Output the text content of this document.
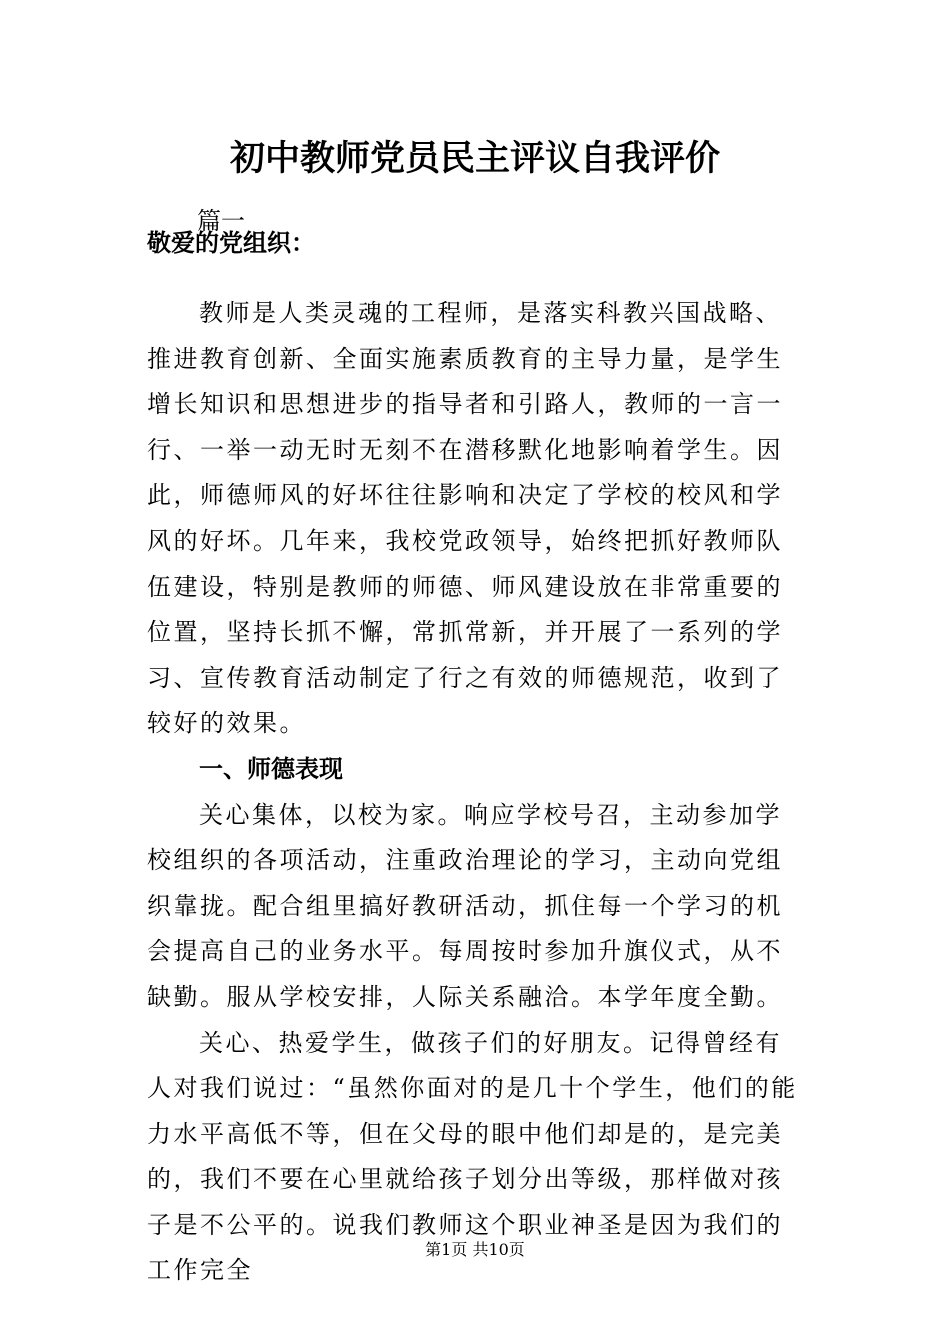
初中教师党员民主评议自我评价
篇一
敬爱的党组织：

教师是人类灵魂的工程师，是落实科教兴国战略、推进教育创新、全面实施素质教育的主导力量，是学生增长知识和思想进步的指导者和引路人，教师的一言一行、一举一动无时无刻不在潜移默化地影响着学生。因此，师德师风的好坏往往影响和决定了学校的校风和学风的好坏。几年来，我校党政领导，始终把抓好教师队伍建设，特别是教师的师德、师风建设放在非常重要的位置，坚持长抓不懈，常抓常新，并开展了一系列的学习、宣传教育活动制定了行之有效的师德规范，收到了较好的效果。

一、师德表现

关心集体，以校为家。响应学校号召，主动参加学校组织的各项活动，注重政治理论的学习，主动向党组织靠拢。配合组里搞好教研活动，抓住每一个学习的机会提高自己的业务水平。每周按时参加升旗仪式，从不缺勤。服从学校安排，人际关系融洽。本学年度全勤。

关心、热爱学生，做孩子们的好朋友。记得曾经有人对我们说过：“虽然你面对的是几十个学生，他们的能力水平高低不等，但在父母的眼中他们却是的，是完美的，我们不要在心里就给孩子划分出等级，那样做对孩子是不公平的。说我们教师这个职业神圣是因为我们的工作完全

第1页 共10页
